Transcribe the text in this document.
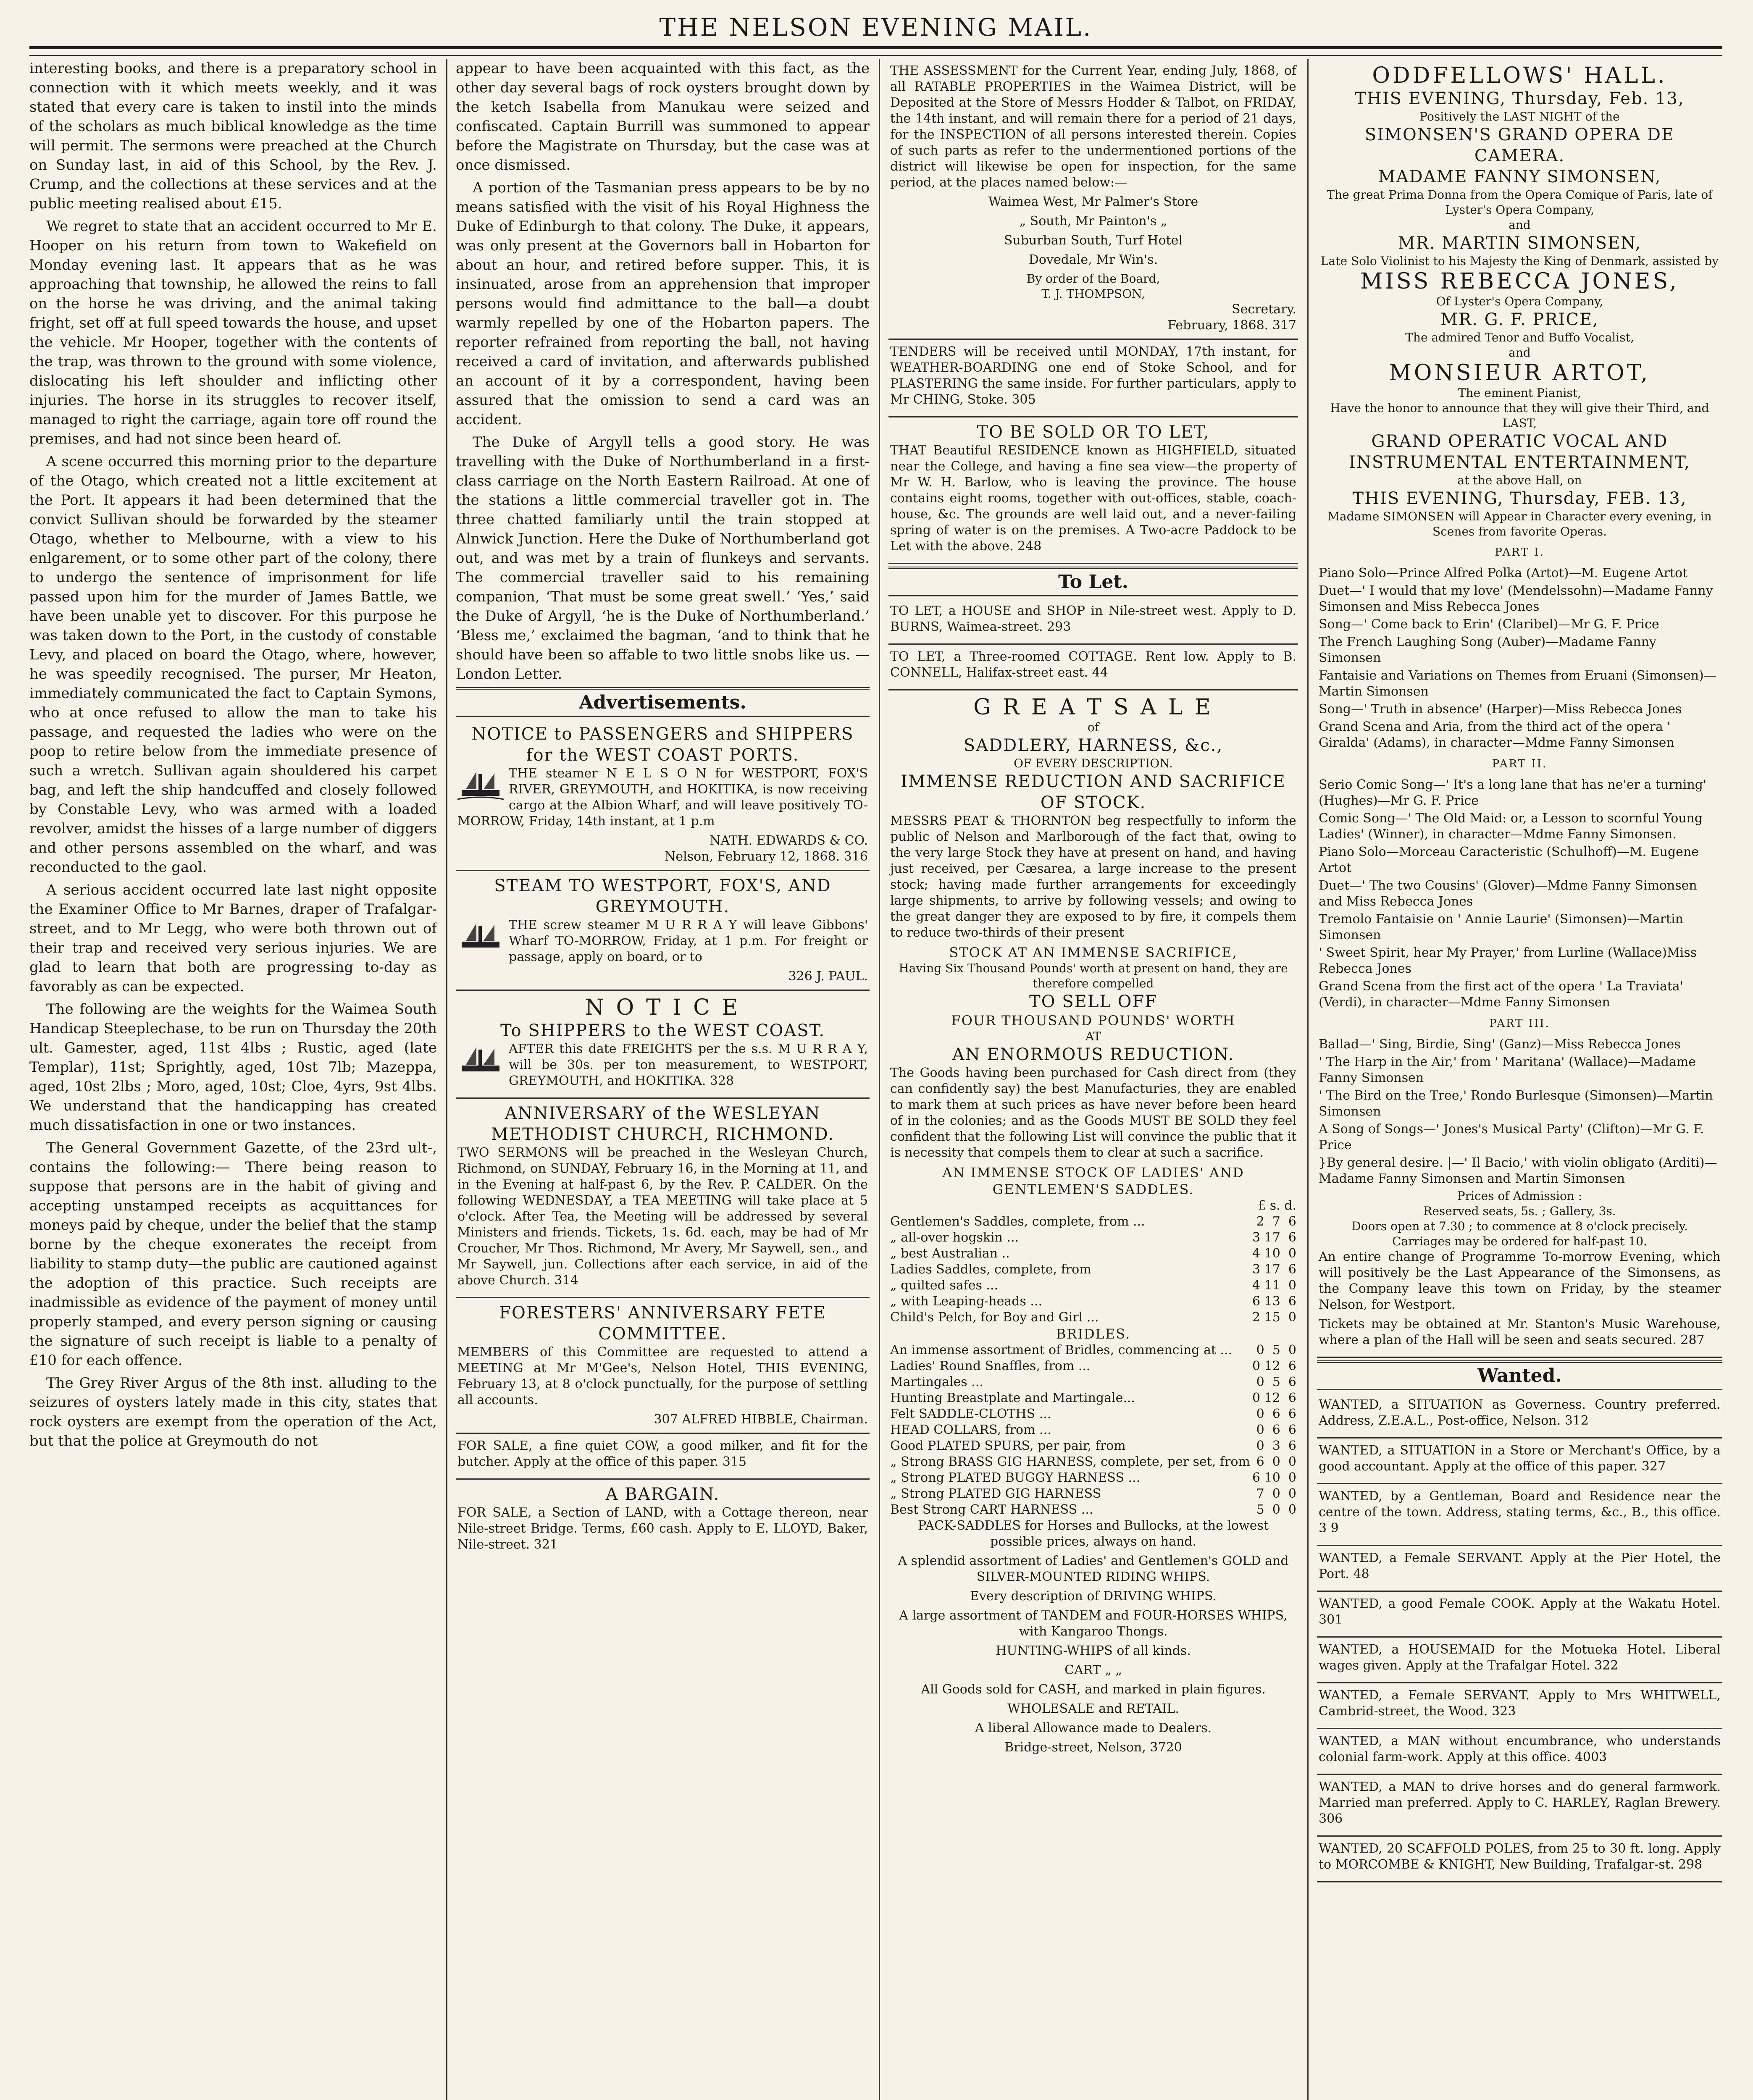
THE NELSON EVENING MAIL.

interesting books, and there is a preparatory school in connection with it which meets weekly, and it was stated that every care is taken to instil into the minds of the scholars as much biblical knowledge as the time will permit. The sermons were preached at the Church on Sunday last, in aid of this School, by the Rev. J. Crump, and the collections at these services and at the public meeting realised about £15.

We regret to state that an accident occurred to Mr E. Hooper on his return from town to Wakefield on Monday evening last. It appears that as he was approaching that township, he allowed the reins to fall on the horse he was driving, and the animal taking fright, set off at full speed towards the house, and upset the vehicle. Mr Hooper, together with the contents of the trap, was thrown to the ground with some violence, dislocating his left shoulder and inflicting other injuries. The horse in its struggles to recover itself, managed to right the carriage, again tore off round the premises, and had not since been heard of.

A scene occurred this morning prior to the departure of the Otago, which created not a little excitement at the Port. It appears it had been determined that the convict Sullivan should be forwarded by the steamer Otago, whether to Melbourne, with a view to his enlgarement, or to some other part of the colony, there to undergo the sentence of imprisonment for life passed upon him for the murder of James Battle, we have been unable yet to discover. For this purpose he was taken down to the Port, in the custody of constable Levy, and placed on board the Otago, where, however, he was speedily recognised. The purser, Mr Heaton, immediately communicated the fact to Captain Symons, who at once refused to allow the man to take his passage, and requested the ladies who were on the poop to retire below from the immediate presence of such a wretch. Sullivan again shouldered his carpet bag, and left the ship handcuffed and closely followed by Constable Levy, who was armed with a loaded revolver, amidst the hisses of a large number of diggers and other persons assembled on the wharf, and was reconducted to the gaol.

A serious accident occurred late last night opposite the Examiner Office to Mr Barnes, draper of Trafalgar-street, and to Mr Legg, who were both thrown out of their trap and received very serious injuries. We are glad to learn that both are progressing to-day as favorably as can be expected.

The following are the weights for the Waimea South Handicap Steeplechase, to be run on Thursday the 20th ult. Gamester, aged, 11st 4lbs ; Rustic, aged (late Templar), 11st; Sprightly, aged, 10st 7lb; Mazeppa, aged, 10st 2lbs ; Moro, aged, 10st; Cloe, 4yrs, 9st 4lbs. We understand that the handicapping has created much dissatisfaction in one or two instances.

The General Government Gazette, of the 23rd ult-, contains the following:— There being reason to suppose that persons are in the habit of giving and accepting unstamped receipts as acquittances for moneys paid by cheque, under the belief that the stamp borne by the cheque exonerates the receipt from liability to stamp duty—the public are cautioned against the adoption of this practice. Such receipts are inadmissible as evidence of the payment of money until properly stamped, and every person signing or causing the signature of such receipt is liable to a penalty of £10 for each offence.

The Grey River Argus of the 8th inst. alluding to the seizures of oysters lately made in this city, states that rock oysters are exempt from the operation of the Act, but that the police at Greymouth do not

appear to have been acquainted with this fact, as the other day several bags of rock oysters brought down by the ketch Isabella from Manukau were seized and confiscated. Captain Burrill was summoned to appear before the Magistrate on Thursday, but the case was at once dismissed.

A portion of the Tasmanian press appears to be by no means satisfied with the visit of his Royal Highness the Duke of Edinburgh to that colony. The Duke, it appears, was only present at the Governors ball in Hobarton for about an hour, and retired before supper. This, it is insinuated, arose from an apprehension that improper persons would find admittance to the ball—a doubt warmly repelled by one of the Hobarton papers. The reporter refrained from reporting the ball, not having received a card of invitation, and afterwards published an account of it by a correspondent, having been assured that the omission to send a card was an accident.

The Duke of Argyll tells a good story. He was travelling with the Duke of Northumberland in a first-class carriage on the North Eastern Railroad. At one of the stations a little commercial traveller got in. The three chatted familiarly until the train stopped at Alnwick Junction. Here the Duke of Northumberland got out, and was met by a train of flunkeys and servants. The commercial traveller said to his remaining companion, ‘That must be some great swell.’ ‘Yes,’ said the Duke of Argyll, ‘he is the Duke of Northumberland.’ ‘Bless me,’ exclaimed the bagman, ‘and to think that he should have been so affable to two little snobs like us. —London Letter.

Advertisements.
NOTICE to PASSENGERS and SHIPPERS for the WEST COAST PORTS.

THE steamer N E L S O N for WESTPORT, FOX'S RIVER, GREYMOUTH, and HOKITIKA, is now receiving cargo at the Albion Wharf, and will leave positively TO-MORROW, Friday, 14th instant, at 1 p.m

NATH. EDWARDS & CO.
Nelson, February 12, 1868. 316
STEAM TO WESTPORT, FOX'S, AND GREYMOUTH.

THE screw steamer M U R R A Y will leave Gibbons' Wharf TO-MORROW, Friday, at 1 p.m. For freight or passage, apply on board, or to

326 J. PAUL.
N O T I C E
To SHIPPERS to the WEST COAST.

AFTER this date FREIGHTS per the s.s. M U R R A Y, will be 30s. per ton measurement, to WESTPORT, GREYMOUTH, and HOKITIKA. 328

ANNIVERSARY of the WESLEYAN METHODIST CHURCH, RICHMOND.

TWO SERMONS will be preached in the Wesleyan Church, Richmond, on SUNDAY, February 16, in the Morning at 11, and in the Evening at half-past 6, by the Rev. P. CALDER. On the following WEDNESDAY, a TEA MEETING will take place at 5 o'clock. After Tea, the Meeting will be addressed by several Ministers and friends. Tickets, 1s. 6d. each, may be had of Mr Croucher, Mr Thos. Richmond, Mr Avery, Mr Saywell, sen., and Mr Saywell, jun. Collections after each service, in aid of the above Church. 314

FORESTERS' ANNIVERSARY FETE COMMITTEE.

MEMBERS of this Committee are requested to attend a MEETING at Mr M'Gee's, Nelson Hotel, THIS EVENING, February 13, at 8 o'clock punctually, for the purpose of settling all accounts.

307 ALFRED HIBBLE, Chairman.

FOR SALE, a fine quiet COW, a good milker, and fit for the butcher. Apply at the office of this paper. 315

A BARGAIN.

FOR SALE, a Section of LAND, with a Cottage thereon, near Nile-street Bridge. Terms, £60 cash. Apply to E. LLOYD, Baker, Nile-street. 321

THE ASSESSMENT for the Current Year, ending July, 1868, of all RATABLE PROPERTIES in the Waimea District, will be Deposited at the Store of Messrs Hodder & Talbot, on FRIDAY, the 14th instant, and will remain there for a period of 21 days, for the INSPECTION of all persons interested therein. Copies of such parts as refer to the undermentioned portions of the district will likewise be open for inspection, for the same period, at the places named below:—

Waimea West, Mr Palmer's Store

„ South, Mr Painton's „

Suburban South, Turf Hotel

Dovedale, Mr Win's.

By order of the Board,
T. J. THOMPSON,
Secretary.
February, 1868. 317

TENDERS will be received until MONDAY, 17th instant, for WEATHER-BOARDING one end of Stoke School, and for PLASTERING the same inside. For further particulars, apply to Mr CHING, Stoke. 305

TO BE SOLD OR TO LET,

THAT Beautiful RESIDENCE known as HIGHFIELD, situated near the College, and having a fine sea view—the property of Mr W. H. Barlow, who is leaving the province. The house contains eight rooms, together with out-offices, stable, coach-house, &c. The grounds are well laid out, and a never-failing spring of water is on the premises. A Two-acre Paddock to be Let with the above. 248

To Let.

TO LET, a HOUSE and SHOP in Nile-street west. Apply to D. BURNS, Waimea-street. 293

TO LET, a Three-roomed COTTAGE. Rent low. Apply to B. CONNELL, Halifax-street east. 44

G R E A T S A L E
of
SADDLERY, HARNESS, &c.,
OF EVERY DESCRIPTION.
IMMENSE REDUCTION AND SACRIFICE OF STOCK.

MESSRS PEAT & THORNTON beg respectfully to inform the public of Nelson and Marlborough of the fact that, owing to the very large Stock they have at present on hand, and having just received, per Cæsarea, a large increase to the present stock; having made further arrangements for exceedingly large shipments, to arrive by following vessels; and owing to the great danger they are exposed to by fire, it compels them to reduce two-thirds of their present

STOCK AT AN IMMENSE SACRIFICE,
Having Six Thousand Pounds' worth at present on hand, they are therefore compelled
TO SELL OFF
FOUR THOUSAND POUNDS' WORTH
AT
AN ENORMOUS REDUCTION.

The Goods having been purchased for Cash direct from (they can confidently say) the best Manufacturies, they are enabled to mark them at such prices as have never before been heard of in the colonies; and as the Goods MUST BE SOLD they feel confident that the following List will convince the public that it is necessity that compels them to clear at such a sacrifice.

AN IMMENSE STOCK OF LADIES' AND GENTLEMEN'S SADDLES.
£ s. d.
Gentlemen's Saddles, complete, from ...	2  7  6
„ all-over hogskin ...	3 17  6
„ best Australian ..	4 10  0
Ladies Saddles, complete, from	3 17  6
„ quilted safes ...	4 11  0
„ with Leaping-heads ...	6 13  6
Child's Pelch, for Boy and Girl ...	2 15  0
BRIDLES.
An immense assortment of Bridles, commencing at ... 0  5  0
Ladies' Round Snaffles, from ...	0 12  6
Martingales ...	0  5  6
Hunting Breastplate and Martingale...	0 12  6
Felt SADDLE-CLOTHS ...	0  6  6
HEAD COLLARS, from ...	0  6  6
Good PLATED SPURS, per pair, from	0  3  6
„ Strong BRASS GIG HARNESS, complete, per set, from 6  0  0
„ Strong PLATED BUGGY HARNESS ...	6 10  0
„ Strong PLATED GIG HARNESS	7  0  0
Best Strong CART HARNESS ...	5  0  0

PACK-SADDLES for Horses and Bullocks, at the lowest possible prices, always on hand.

A splendid assortment of Ladies' and Gentlemen's GOLD and SILVER-MOUNTED RIDING WHIPS.

Every description of DRIVING WHIPS.

A large assortment of TANDEM and FOUR-HORSES WHIPS, with Kangaroo Thongs.

HUNTING-WHIPS of all kinds.

CART „ „

All Goods sold for CASH, and marked in plain figures.

WHOLESALE and RETAIL.

A liberal Allowance made to Dealers.

Bridge-street, Nelson, 3720

ODDFELLOWS' HALL.
THIS EVENING, Thursday, Feb. 13,
Positively the LAST NIGHT of the
SIMONSEN'S GRAND OPERA DE CAMERA.
MADAME FANNY SIMONSEN,
The great Prima Donna from the Opera Comique of Paris, late of Lyster's Opera Company,
and
MR. MARTIN SIMONSEN,
Late Solo Violinist to his Majesty the King of Denmark, assisted by
MISS REBECCA JONES,
Of Lyster's Opera Company,
MR. G. F. PRICE,
The admired Tenor and Buffo Vocalist,
and
MONSIEUR ARTOT,
The eminent Pianist,
Have the honor to announce that they will give their Third, and LAST,
GRAND OPERATIC VOCAL AND INSTRUMENTAL ENTERTAINMENT,
at the above Hall, on
THIS EVENING, Thursday, FEB. 13,
Madame SIMONSEN will Appear in Character every evening, in Scenes from favorite Operas.
PART I.

Piano Solo—Prince Alfred Polka (Artot)—M. Eugene Artot

Duet—' I would that my love' (Mendelssohn)—Madame Fanny Simonsen and Miss Rebecca Jones

Song—' Come back to Erin' (Claribel)—Mr G. F. Price

The French Laughing Song (Auber)—Madame Fanny Simonsen

Fantaisie and Variations on Themes from Eruani (Simonsen)—Martin Simonsen

Song—' Truth in absence' (Harper)—Miss Rebecca Jones

Grand Scena and Aria, from the third act of the opera ' Giralda' (Adams), in character—Mdme Fanny Simonsen

PART II.

Serio Comic Song—' It's a long lane that has ne'er a turning' (Hughes)—Mr G. F. Price

Comic Song—' The Old Maid: or, a Lesson to scornful Young Ladies' (Winner), in character—Mdme Fanny Simonsen.

Piano Solo—Morceau Caracteristic (Schulhoff)—M. Eugene Artot

Duet—' The two Cousins' (Glover)—Mdme Fanny Simonsen and Miss Rebecca Jones

Tremolo Fantaisie on ' Annie Laurie' (Simonsen)—Martin Simonsen

' Sweet Spirit, hear My Prayer,' from Lurline (Wallace)Miss Rebecca Jones

Grand Scena from the first act of the opera ' La Traviata' (Verdi), in character—Mdme Fanny Simonsen

PART III.

Ballad—' Sing, Birdie, Sing' (Ganz)—Miss Rebecca Jones

' The Harp in the Air,' from ' Maritana' (Wallace)—Madame Fanny Simonsen

' The Bird on the Tree,' Rondo Burlesque (Simonsen)—Martin Simonsen

A Song of Songs—' Jones's Musical Party' (Clifton)—Mr G. F. Price

}By general desire. |—' Il Bacio,' with violin obligato (Arditi)—Madame Fanny Simonsen and Martin Simonsen

Prices of Admission :
Reserved seats, 5s. ; Gallery, 3s.
Doors open at 7.30 ; to commence at 8 o'clock precisely.
Carriages may be ordered for half-past 10.

An entire change of Programme To-morrow Evening, which will positively be the Last Appearance of the Simonsens, as the Company leave this town on Friday, by the steamer Nelson, for Westport.

Tickets may be obtained at Mr. Stanton's Music Warehouse, where a plan of the Hall will be seen and seats secured. 287

Wanted.

WANTED, a SITUATION as Governess. Country preferred. Address, Z.E.A.L., Post-office, Nelson. 312

WANTED, a SITUATION in a Store or Merchant's Office, by a good accountant. Apply at the office of this paper. 327

WANTED, by a Gentleman, Board and Residence near the centre of the town. Address, stating terms, &c., B., this office. 3 9

WANTED, a Female SERVANT. Apply at the Pier Hotel, the Port. 48

WANTED, a good Female COOK. Apply at the Wakatu Hotel. 301

WANTED, a HOUSEMAID for the Motueka Hotel. Liberal wages given. Apply at the Trafalgar Hotel. 322

WANTED, a Female SERVANT. Apply to Mrs WHITWELL, Cambrid-street, the Wood. 323

WANTED, a MAN without encumbrance, who understands colonial farm-work. Apply at this office. 4003

WANTED, a MAN to drive horses and do general farmwork. Married man preferred. Apply to C. HARLEY, Raglan Brewery. 306

WANTED, 20 SCAFFOLD POLES, from 25 to 30 ft. long. Apply to MORCOMBE & KNIGHT, New Building, Trafalgar-st. 298
